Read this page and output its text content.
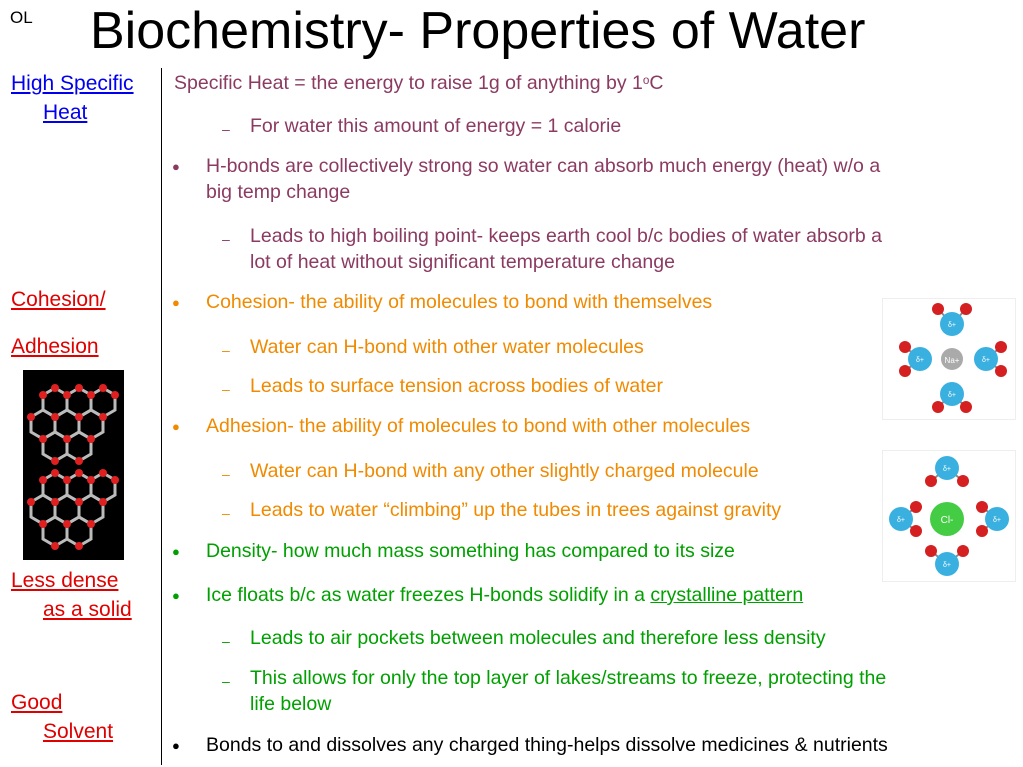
OL Biochemistry- Properties of Water
High Specific
Heat
Cohesion/
Adhesion
Less dense
as a solid
Good
Solvent
Specific Heat = the energy to raise 1g of anything by 1$^o$C
– For water this amount of energy = 1 calorie
● H-bonds are collectively strong so water can absorb much energy (heat) w/o a
big temp change
– Leads to high boiling point- keeps earth cool b/c bodies of water absorb a
lot of heat without significant temperature change
● Cohesion- the ability of molecules to bond with themselves
– Water can H-bond with other water molecules
– Leads to surface tension across bodies of water
● Adhesion- the ability of molecules to bond with other molecules
– Water can H-bond with any other slightly charged molecule
– Leads to water “climbing” up the tubes in trees against gravity
● Density- how much mass something has compared to its size
● Ice floats b/c as water freezes H-bonds solidify in a crystalline pattern
– Leads to air pockets between molecules and therefore less density
– This allows for only the top layer of lakes/streams to freeze, protecting the
life below
● Bonds to and dissolves any charged thing-helps dissolve medicines & nutrients
Na+
δ+
δ+	δ+
δ+
Cl-
δ+
δ+	δ+
δ+
